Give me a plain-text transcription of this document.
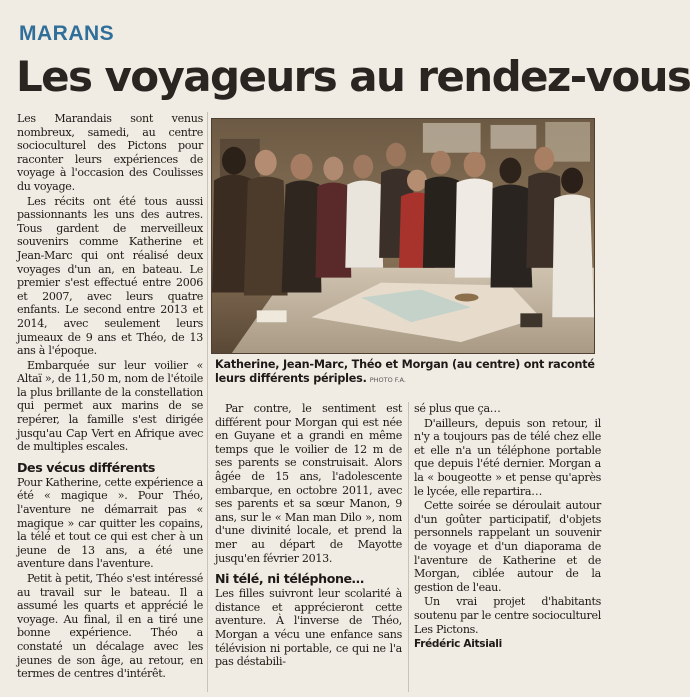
MARANS
Les voyageurs au rendez-vous

Les Marandais sont venus nombreux, samedi, au centre socioculturel des Pictons pour raconter leurs expériences de voyage à l'occasion des Coulisses du voyage.

Les récits ont été tous aussi passionnants les uns des autres. Tous gardent de merveilleux souvenirs comme Katherine et Jean-Marc qui ont réalisé deux voyages d'un an, en bateau. Le premier s'est effectué entre 2006 et 2007, avec leurs quatre enfants. Le second entre 2013 et 2014, avec seulement leurs jumeaux de 9 ans et Théo, de 13 ans à l'époque.

Embarquée sur leur voilier « Altaï », de 11,50 m, nom de l'étoile la plus brillante de la constellation qui permet aux marins de se repérer, la famille s'est dirigée jusqu'au Cap Vert en Afrique avec de multiples escales.

Des vécus différents

Pour Katherine, cette expérience a été « magique ». Pour Théo, l'aventure ne démarrait pas « magique » car quitter les copains, la télé et tout ce qui est cher à un jeune de 13 ans, a été une aventure dans l'aventure.

Petit à petit, Théo s'est intéressé au travail sur le bateau. Il a assumé les quarts et apprécié le voyage. Au final, il en a tiré une bonne expérience. Théo a constaté un décalage avec les jeunes de son âge, au retour, en termes de centres d'intérêt.

Katherine, Jean-Marc, Théo et Morgan (au centre) ont raconté leurs différents périples. PHOTO F.A.

Par contre, le sentiment est différent pour Morgan qui est née en Guyane et a grandi en même temps que le voilier de 12 m de ses parents se construisait. Alors âgée de 15 ans, l'adolescente embarque, en octobre 2011, avec ses parents et sa sœur Manon, 9 ans, sur le « Man man Dilo », nom d'une divinité locale, et prend la mer au départ de Mayotte jusqu'en février 2013.

Ni télé, ni téléphone…

Les filles suivront leur scolarité à distance et apprécieront cette aventure. À l'inverse de Théo, Morgan a vécu une enfance sans télévision ni portable, ce qui ne l'a pas déstabili-

sé plus que ça…

D'ailleurs, depuis son retour, il n'y a toujours pas de télé chez elle et elle n'a un téléphone portable que depuis l'été dernier. Morgan a la « bougeotte » et pense qu'après le lycée, elle repartira…

Cette soirée se déroulait autour d'un goûter participatif, d'objets personnels rappelant un souvenir de voyage et d'un diaporama de l'aventure de Katherine et de Morgan, ciblée autour de la gestion de l'eau.

Un vrai projet d'habitants soutenu par le centre socioculturel Les Pictons.

Frédéric Aitsiali
